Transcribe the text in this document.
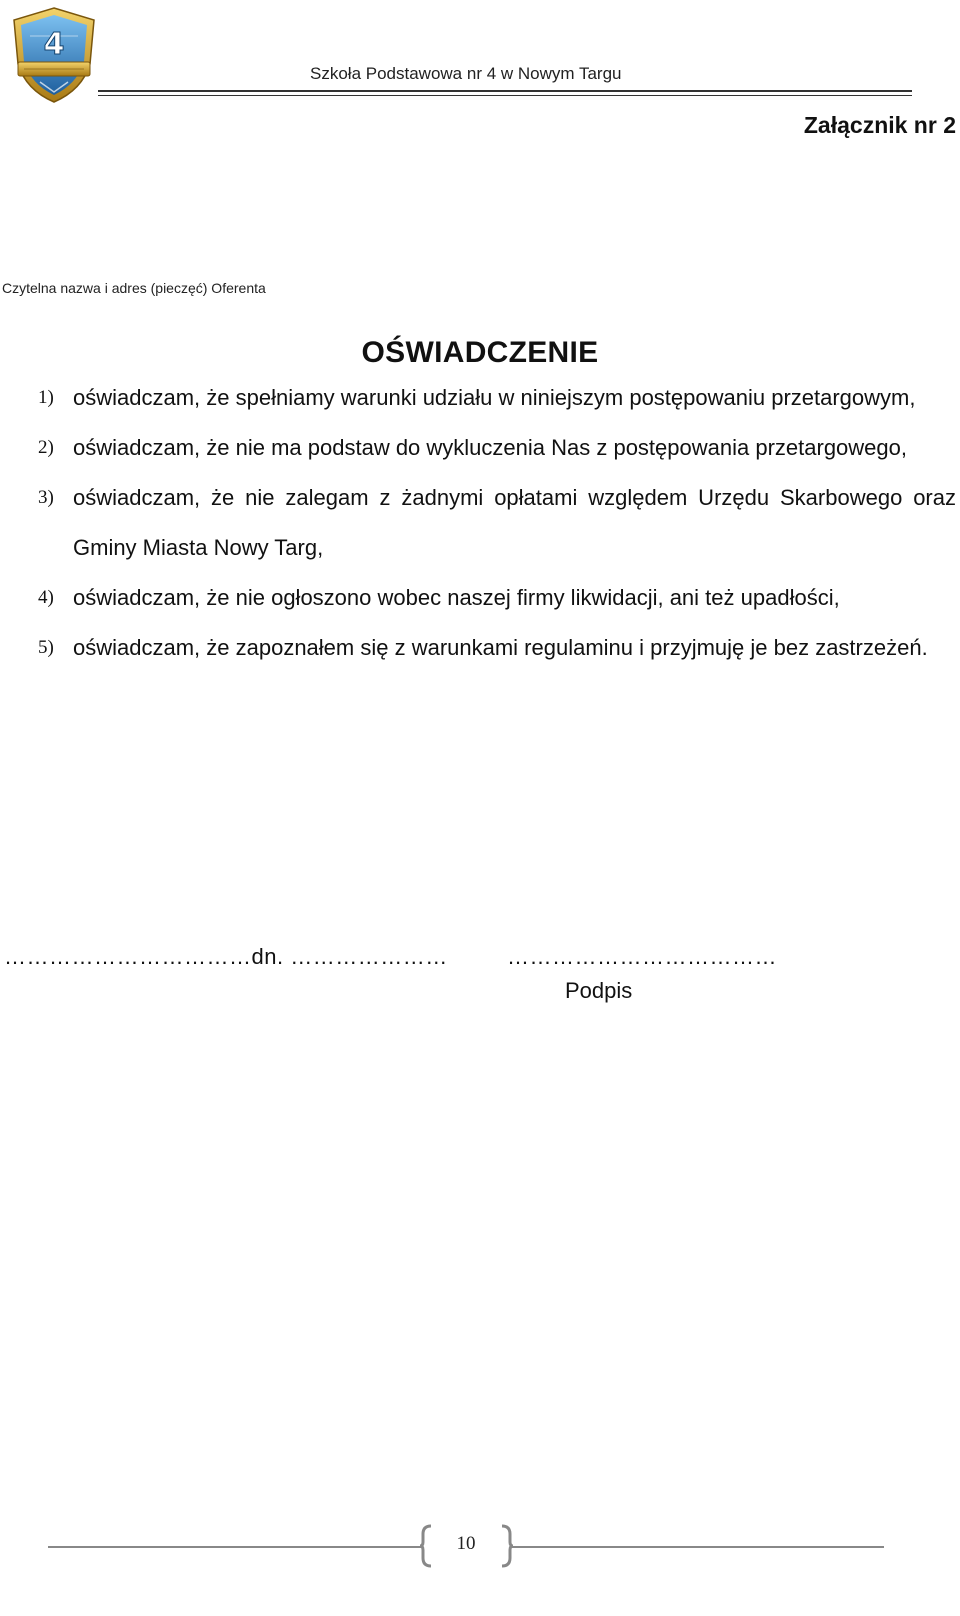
4
Szkoła Podstawowa nr 4 w Nowym Targu
Załącznik nr 2
Czytelna nazwa i adres (pieczęć) Oferenta
OŚWIADCZENIE
1) oświadczam, że spełniamy warunki udziału w niniejszym postępowaniu przetargowym,
2) oświadczam, że nie ma podstaw do wykluczenia Nas z postępowania przetargowego,
3) oświadczam, że nie zalegam z żadnymi opłatami względem Urzędu Skarbowego oraz Gminy Miasta Nowy Targ,
4) oświadczam, że nie ogłoszono wobec naszej firmy likwidacji, ani też upadłości,
5) oświadczam, że zapoznałem się z warunkami regulaminu i przyjmuję je bez zastrzeżeń.
……………………………dn. …………………	………………………………
Podpis
10
